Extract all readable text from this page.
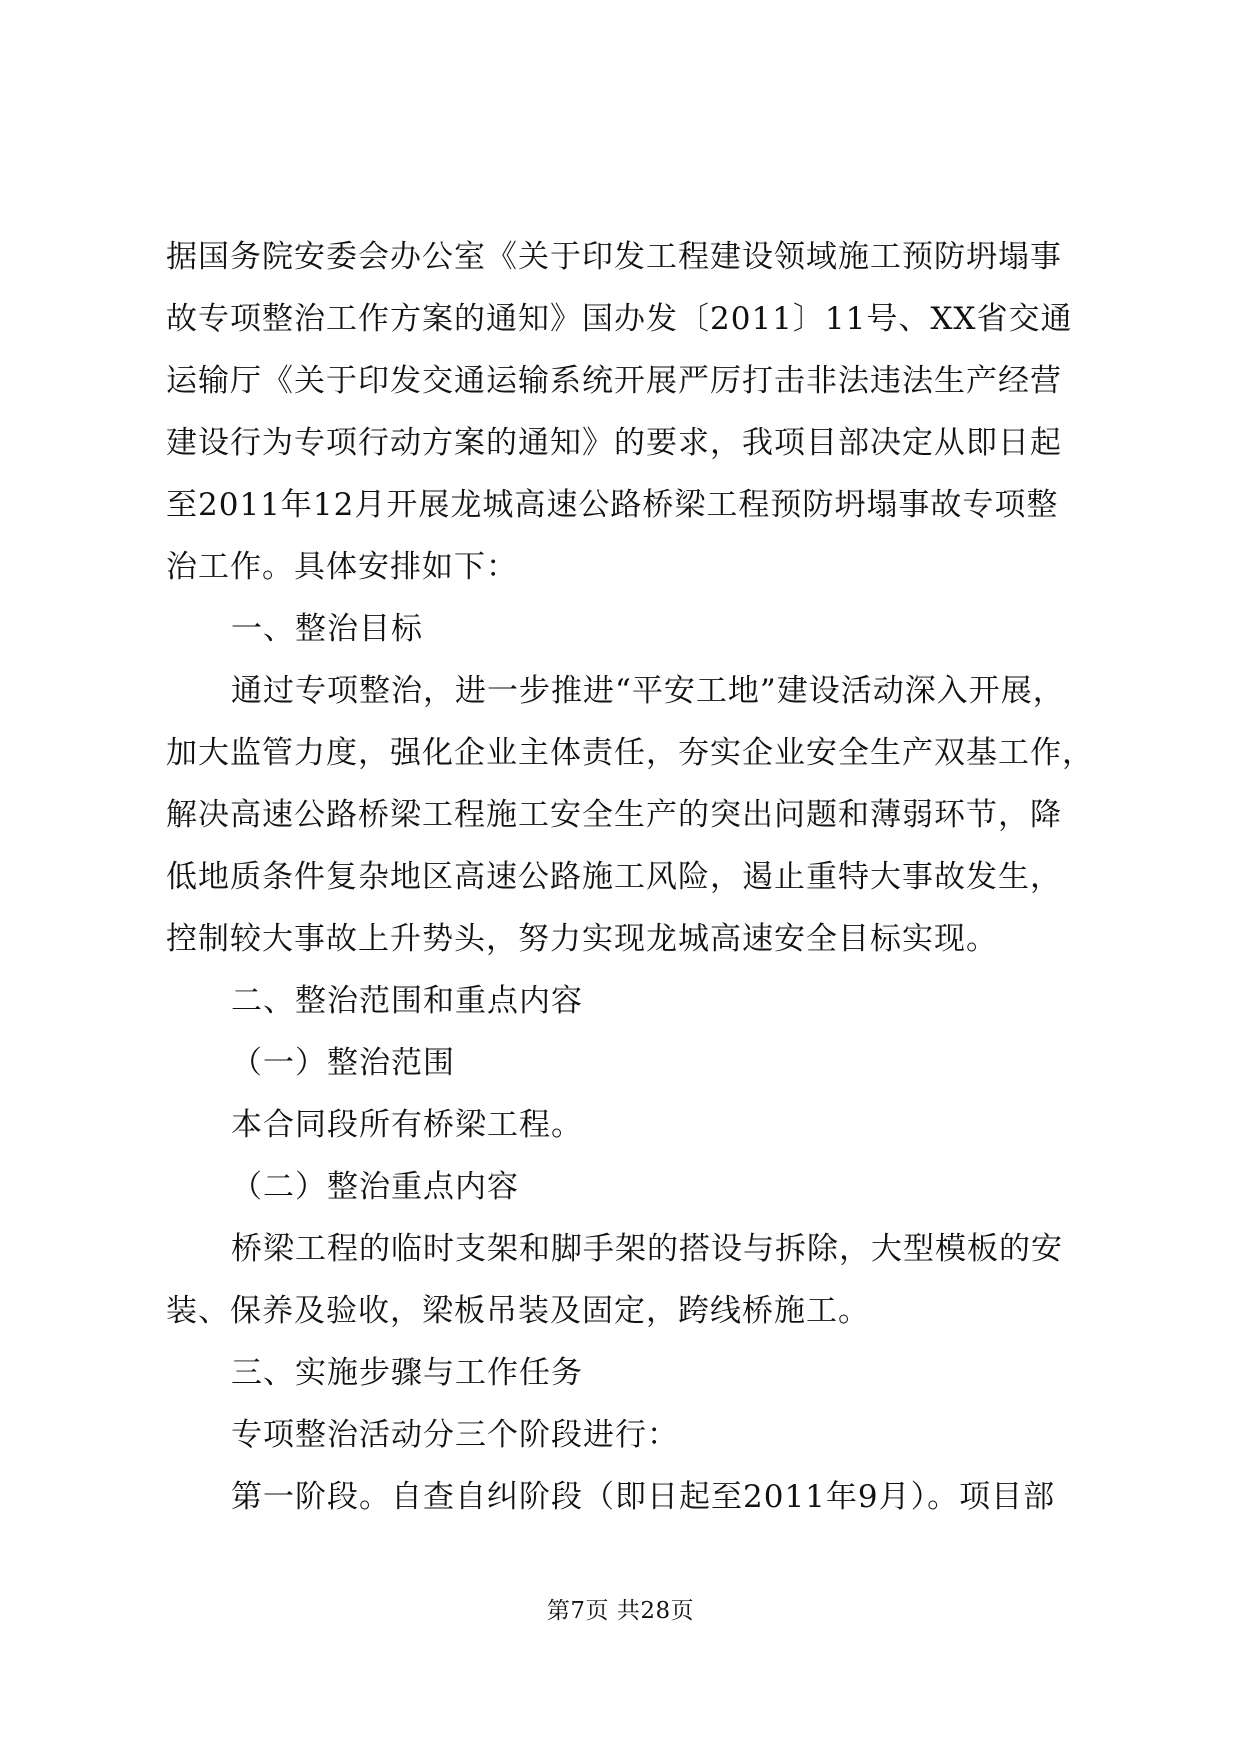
据国务院安委会办公室《关于印发工程建设领域施工预防坍塌事
故专项整治工作方案的通知》国办发〔2011〕11号、XX省交通
运输厅《关于印发交通运输系统开展严厉打击非法违法生产经营
建设行为专项行动方案的通知》的要求，我项目部决定从即日起
至2011年12月开展龙城高速公路桥梁工程预防坍塌事故专项整
治工作。具体安排如下：
一、整治目标
通过专项整治，进一步推进“平安工地”建设活动深入开展，
加大监管力度，强化企业主体责任，夯实企业安全生产双基工作，
解决高速公路桥梁工程施工安全生产的突出问题和薄弱环节，降
低地质条件复杂地区高速公路施工风险，遏止重特大事故发生，
控制较大事故上升势头，努力实现龙城高速安全目标实现。
二、整治范围和重点内容
（一）整治范围
本合同段所有桥梁工程。
（二）整治重点内容
桥梁工程的临时支架和脚手架的搭设与拆除，大型模板的安
装、保养及验收，梁板吊装及固定，跨线桥施工。
三、实施步骤与工作任务
专项整治活动分三个阶段进行：
第一阶段。自查自纠阶段（即日起至2011年9月）。项目部
第7页 共28页
